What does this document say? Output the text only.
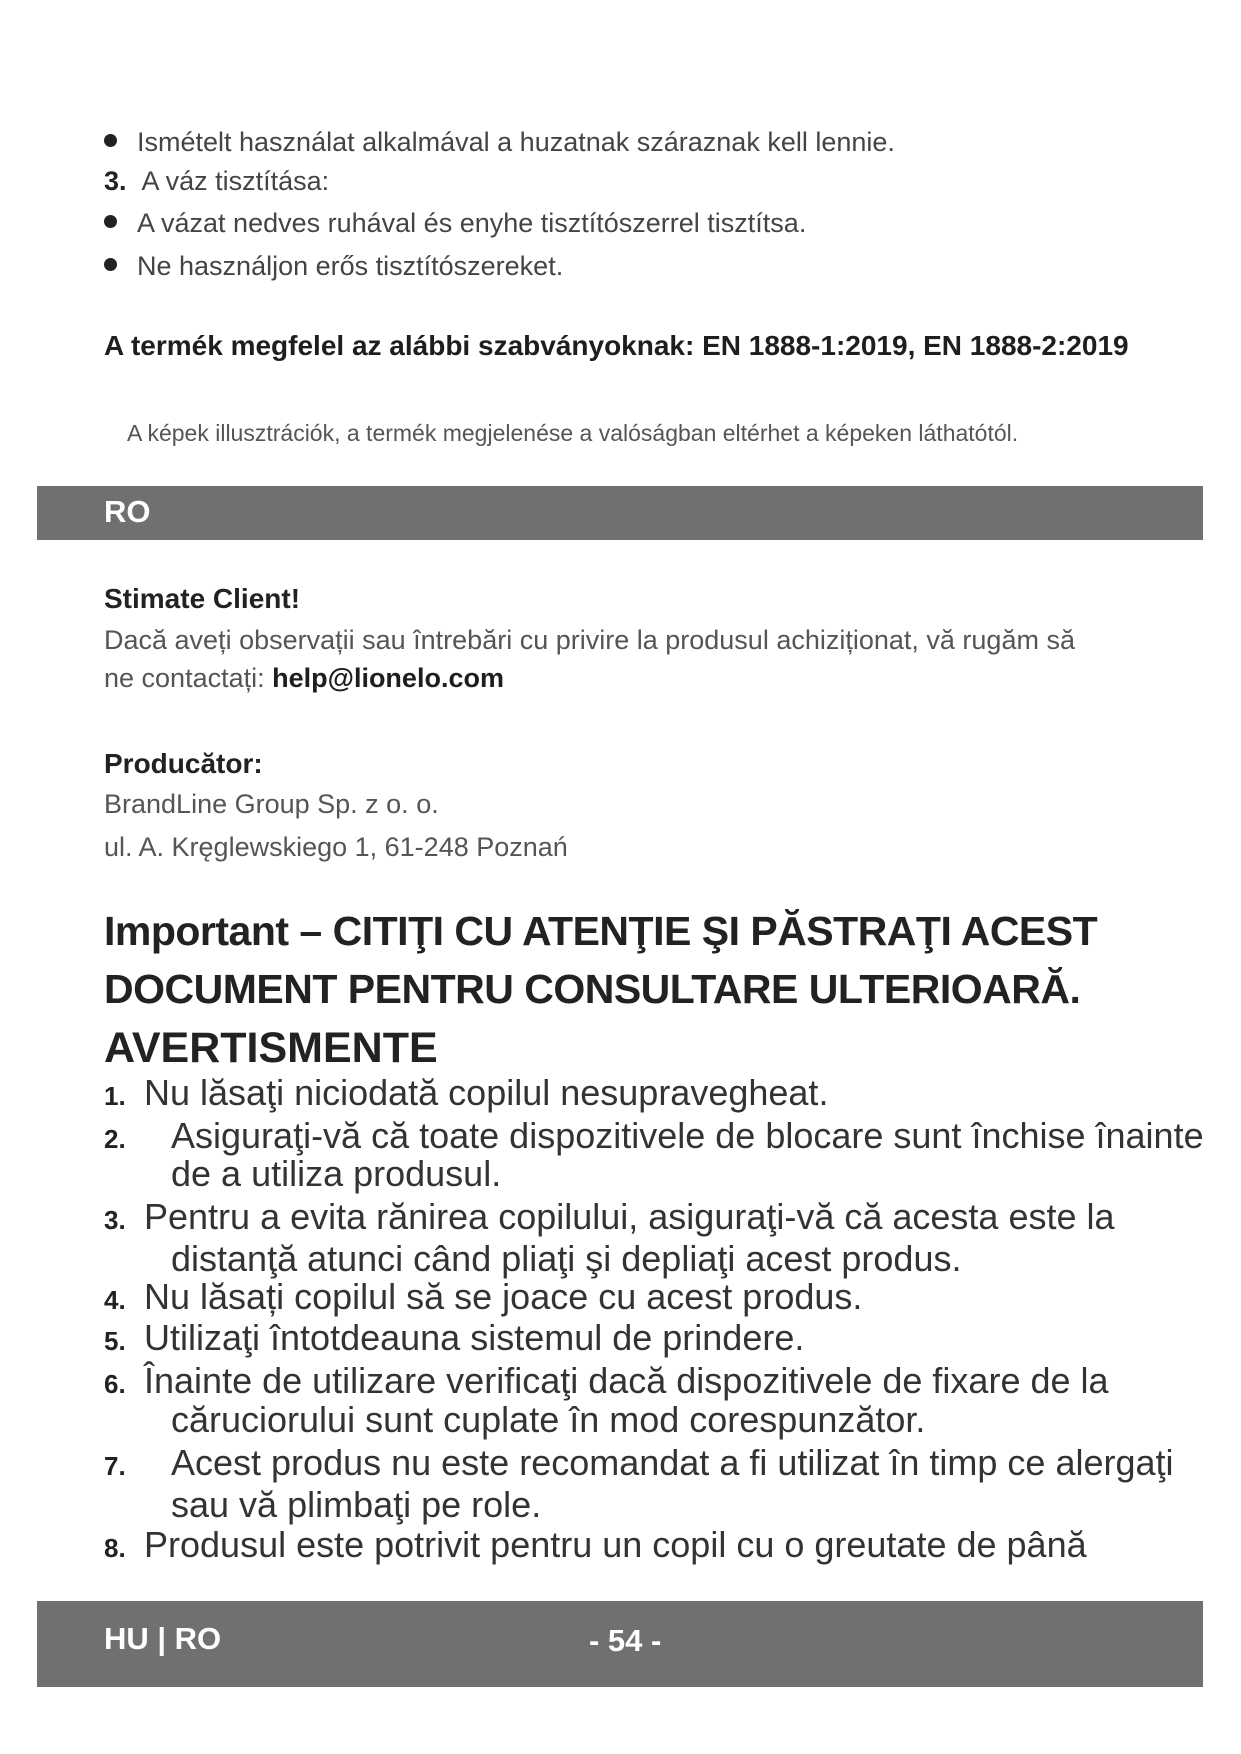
Ismételt használat alkalmával a huzatnak száraznak kell lennie.
3. A váz tisztítása:
A vázat nedves ruhával és enyhe tisztítószerrel tisztítsa.
Ne használjon erős tisztítószereket.
A termék megfelel az alábbi szabványoknak: EN 1888-1:2019, EN 1888-2:2019
A képek illusztrációk, a termék megjelenése a valóságban eltérhet a képeken láthatótól.
RO
Stimate Client!
Dacă aveți observații sau întrebări cu privire la produsul achiziționat, vă rugăm să
ne contactați: help@lionelo.com
Producător:
BrandLine Group Sp. z o. o.
ul. A. Kręglewskiego 1, 61-248 Poznań
Important – CITIŢI CU ATENŢIE ŞI PĂSTRAŢI ACEST
DOCUMENT PENTRU CONSULTARE ULTERIOARĂ.
AVERTISMENTE
1. Nu lăsaţi niciodată copilul nesupravegheat.
2. Asiguraţi-vă că toate dispozitivele de blocare sunt închise înainte
de a utiliza produsul.
3. Pentru a evita rănirea copilului, asiguraţi-vă că acesta este la
distanţă atunci când pliaţi şi depliaţi acest produs.
4. Nu lăsați copilul să se joace cu acest produs.
5. Utilizaţi întotdeauna sistemul de prindere.
6. Înainte de utilizare verificaţi dacă dispozitivele de fixare de la
căruciorului sunt cuplate în mod corespunzător.
7. Acest produs nu este recomandat a fi utilizat în timp ce alergaţi
sau vă plimbaţi pe role.
8. Produsul este potrivit pentru un copil cu o greutate de până
HU | RO	- 54 -
